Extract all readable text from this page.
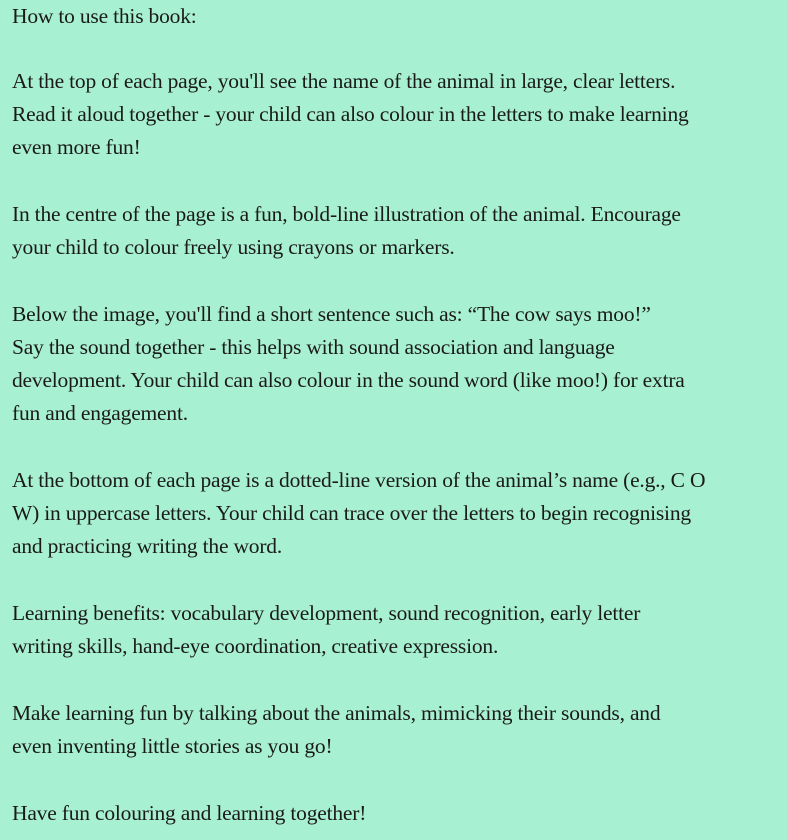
How to use this book:
At the top of each page, you'll see the name of the animal in large, clear letters.
Read it aloud together - your child can also colour in the letters to make learning
even more fun!
In the centre of the page is a fun, bold-line illustration of the animal. Encourage
your child to colour freely using crayons or markers.
Below the image, you'll find a short sentence such as: “The cow says moo!”
Say the sound together - this helps with sound association and language
development. Your child can also colour in the sound word (like moo!) for extra
fun and engagement.
At the bottom of each page is a dotted-line version of the animal’s name (e.g., C O
W) in uppercase letters. Your child can trace over the letters to begin recognising
and practicing writing the word.
Learning benefits: vocabulary development, sound recognition, early letter
writing skills, hand-eye coordination, creative expression.
Make learning fun by talking about the animals, mimicking their sounds, and
even inventing little stories as you go!
Have fun colouring and learning together!
